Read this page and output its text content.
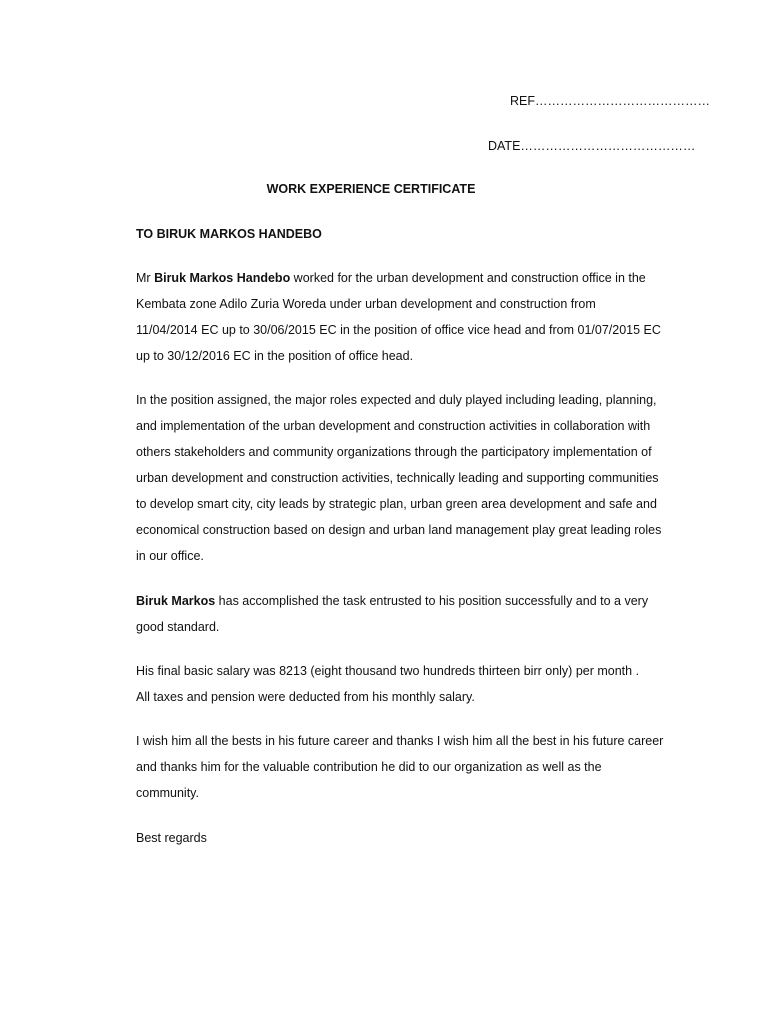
REF……………………………………
DATE……………………………………
WORK EXPERIENCE CERTIFICATE
TO BIRUK MARKOS HANDEBO

Mr Biruk Markos Handebo worked for the urban development and construction office in the
Kembata zone Adilo Zuria Woreda under urban development and construction from
11/04/2014 EC up to 30/06/2015 EC in the position of office vice head and from 01/07/2015 EC
up to 30/12/2016 EC in the position of office head.

In the position assigned, the major roles expected and duly played including leading, planning,
and implementation of the urban development and construction activities in collaboration with
others stakeholders and community organizations through the participatory implementation of
urban development and construction activities, technically leading and supporting communities
to develop smart city, city leads by strategic plan, urban green area development and safe and
economical construction based on design and urban land management play great leading roles
in our office.

Biruk Markos has accomplished the task entrusted to his position successfully and to a very
good standard.

His final basic salary was 8213 (eight thousand two hundreds thirteen birr only) per month .
All taxes and pension were deducted from his monthly salary.

I wish him all the bests in his future career and thanks I wish him all the best in his future career
and thanks him for the valuable contribution he did to our organization as well as the
community.

Best regards
